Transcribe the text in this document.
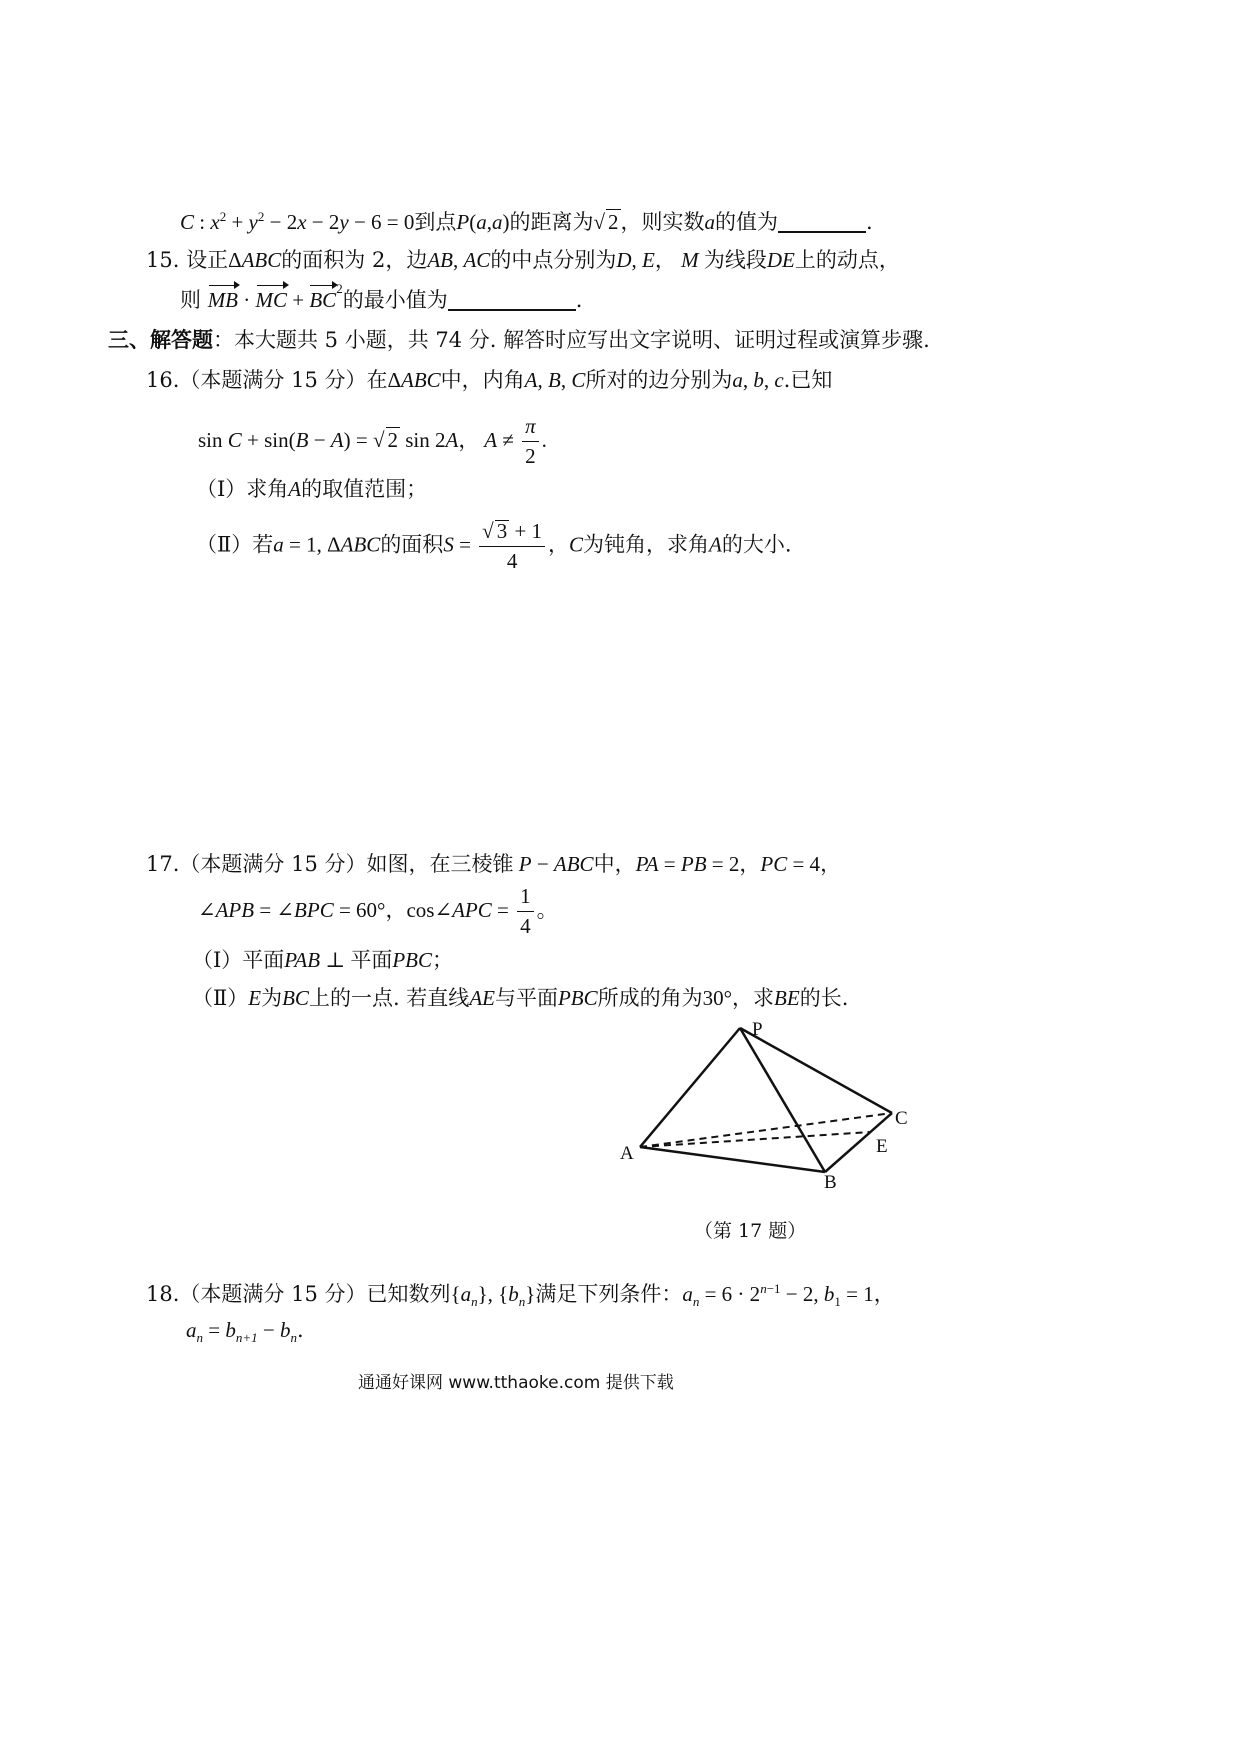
C : $x^2 + y^2 - 2x - 2y - 6 = 0$到点P(a,a)的距离为√ 2，则实数a的值为	.
15. 设正ΔABC的面积为 2，边AB, AC的中点分别为D, E， M 为线段DE上的动点，
则 MB · MC + $BC^2$的最小值为	.
三、解答题：本大题共 5 小题，共 74 分. 解答时应写出文字说明、证明过程或演算步骤.
16.（本题满分 15 分）在ΔABC中，内角A, B, C所对的边分别为a, b, c.已知
sin C + sin(B − A) = √ 2 sin 2A， $A \ne \frac{\pi}{2}$ .
（Ⅰ）求角A的取值范围；
（Ⅱ）若a = 1, ΔABC的面积$S = \frac{√ 3 + 1}{4}$ ，C为钝角，求角A的大小.
17.（本题满分 15 分）如图，在三棱锥 P − ABC中，PA = PB = 2，PC = 4，
∠APB = ∠BPC = 60°，cos∠APC = $\frac{1}{4}$ 。
（Ⅰ）平面PAB ⊥ 平面PBC；
（Ⅱ）E为BC上的一点. 若直线AE与平面PBC所成的角为30°，求BE的长.
P
A
B
C
E
（第 17 题）
18.（本题满分 15 分）已知数列$\{a_n\}$, $\{b_n\}$满足下列条件：$a_n = 6 \cdot 2^{n-1} - 2$, $b_1 = 1$，
$a_n = b_{n+1} - b_n$.
通通好课网 www.tthaoke.com 提供下载
